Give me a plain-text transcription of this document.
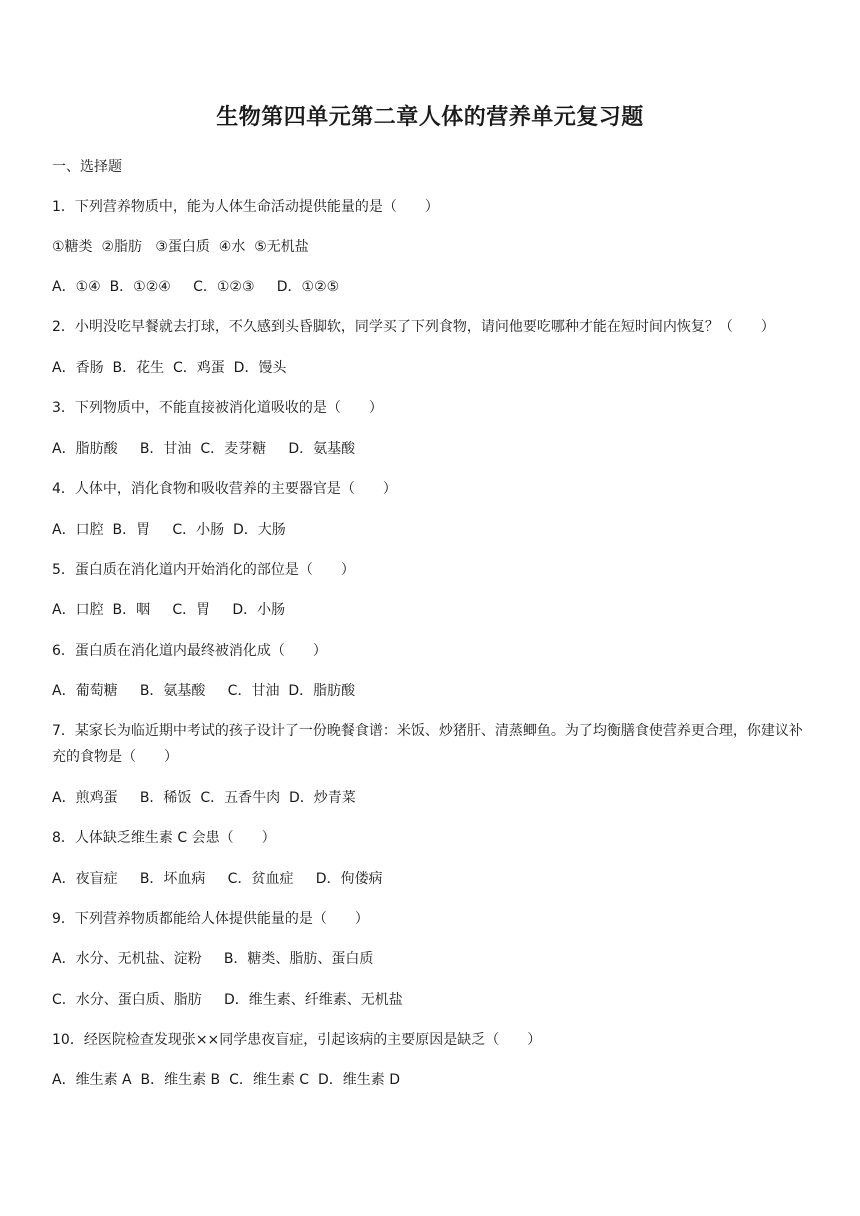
生物第四单元第二章人体的营养单元复习题
一、选择题
1．下列营养物质中，能为人体生命活动提供能量的是（　　）
①糖类  ②脂肪   ③蛋白质  ④水  ⑤无机盐
A．①④  B．①②④     C．①②③     D．①②⑤
2．小明没吃早餐就去打球，不久感到头昏脚软，同学买了下列食物，请问他要吃哪种才能在短时间内恢复？（　　）
A．香肠  B．花生  C．鸡蛋  D．馒头
3．下列物质中，不能直接被消化道吸收的是（　　）
A．脂肪酸     B．甘油  C．麦芽糖     D．氨基酸
4．人体中，消化食物和吸收营养的主要器官是（　　）
A．口腔  B．胃     C．小肠  D．大肠
5．蛋白质在消化道内开始消化的部位是（　　）
A．口腔  B．咽     C．胃     D．小肠
6．蛋白质在消化道内最终被消化成（　　）
A．葡萄糖     B．氨基酸     C．甘油  D．脂肪酸
7．某家长为临近期中考试的孩子设计了一份晚餐食谱：米饭、炒猪肝、清蒸鲫鱼。为了均衡膳食使营养更合理，你建议补充的食物是（　　）
A．煎鸡蛋     B．稀饭  C．五香牛肉  D．炒青菜
8．人体缺乏维生素 C 会患（　　）
A．夜盲症     B．坏血病     C．贫血症     D．佝偻病
9．下列营养物质都能给人体提供能量的是（　　）
A．水分、无机盐、淀粉     B．糖类、脂肪、蛋白质
C．水分、蛋白质、脂肪     D．维生素、纤维素、无机盐
10．经医院检查发现张××同学患夜盲症，引起该病的主要原因是缺乏（　　）
A．维生素 A  B．维生素 B  C．维生素 C  D．维生素 D
